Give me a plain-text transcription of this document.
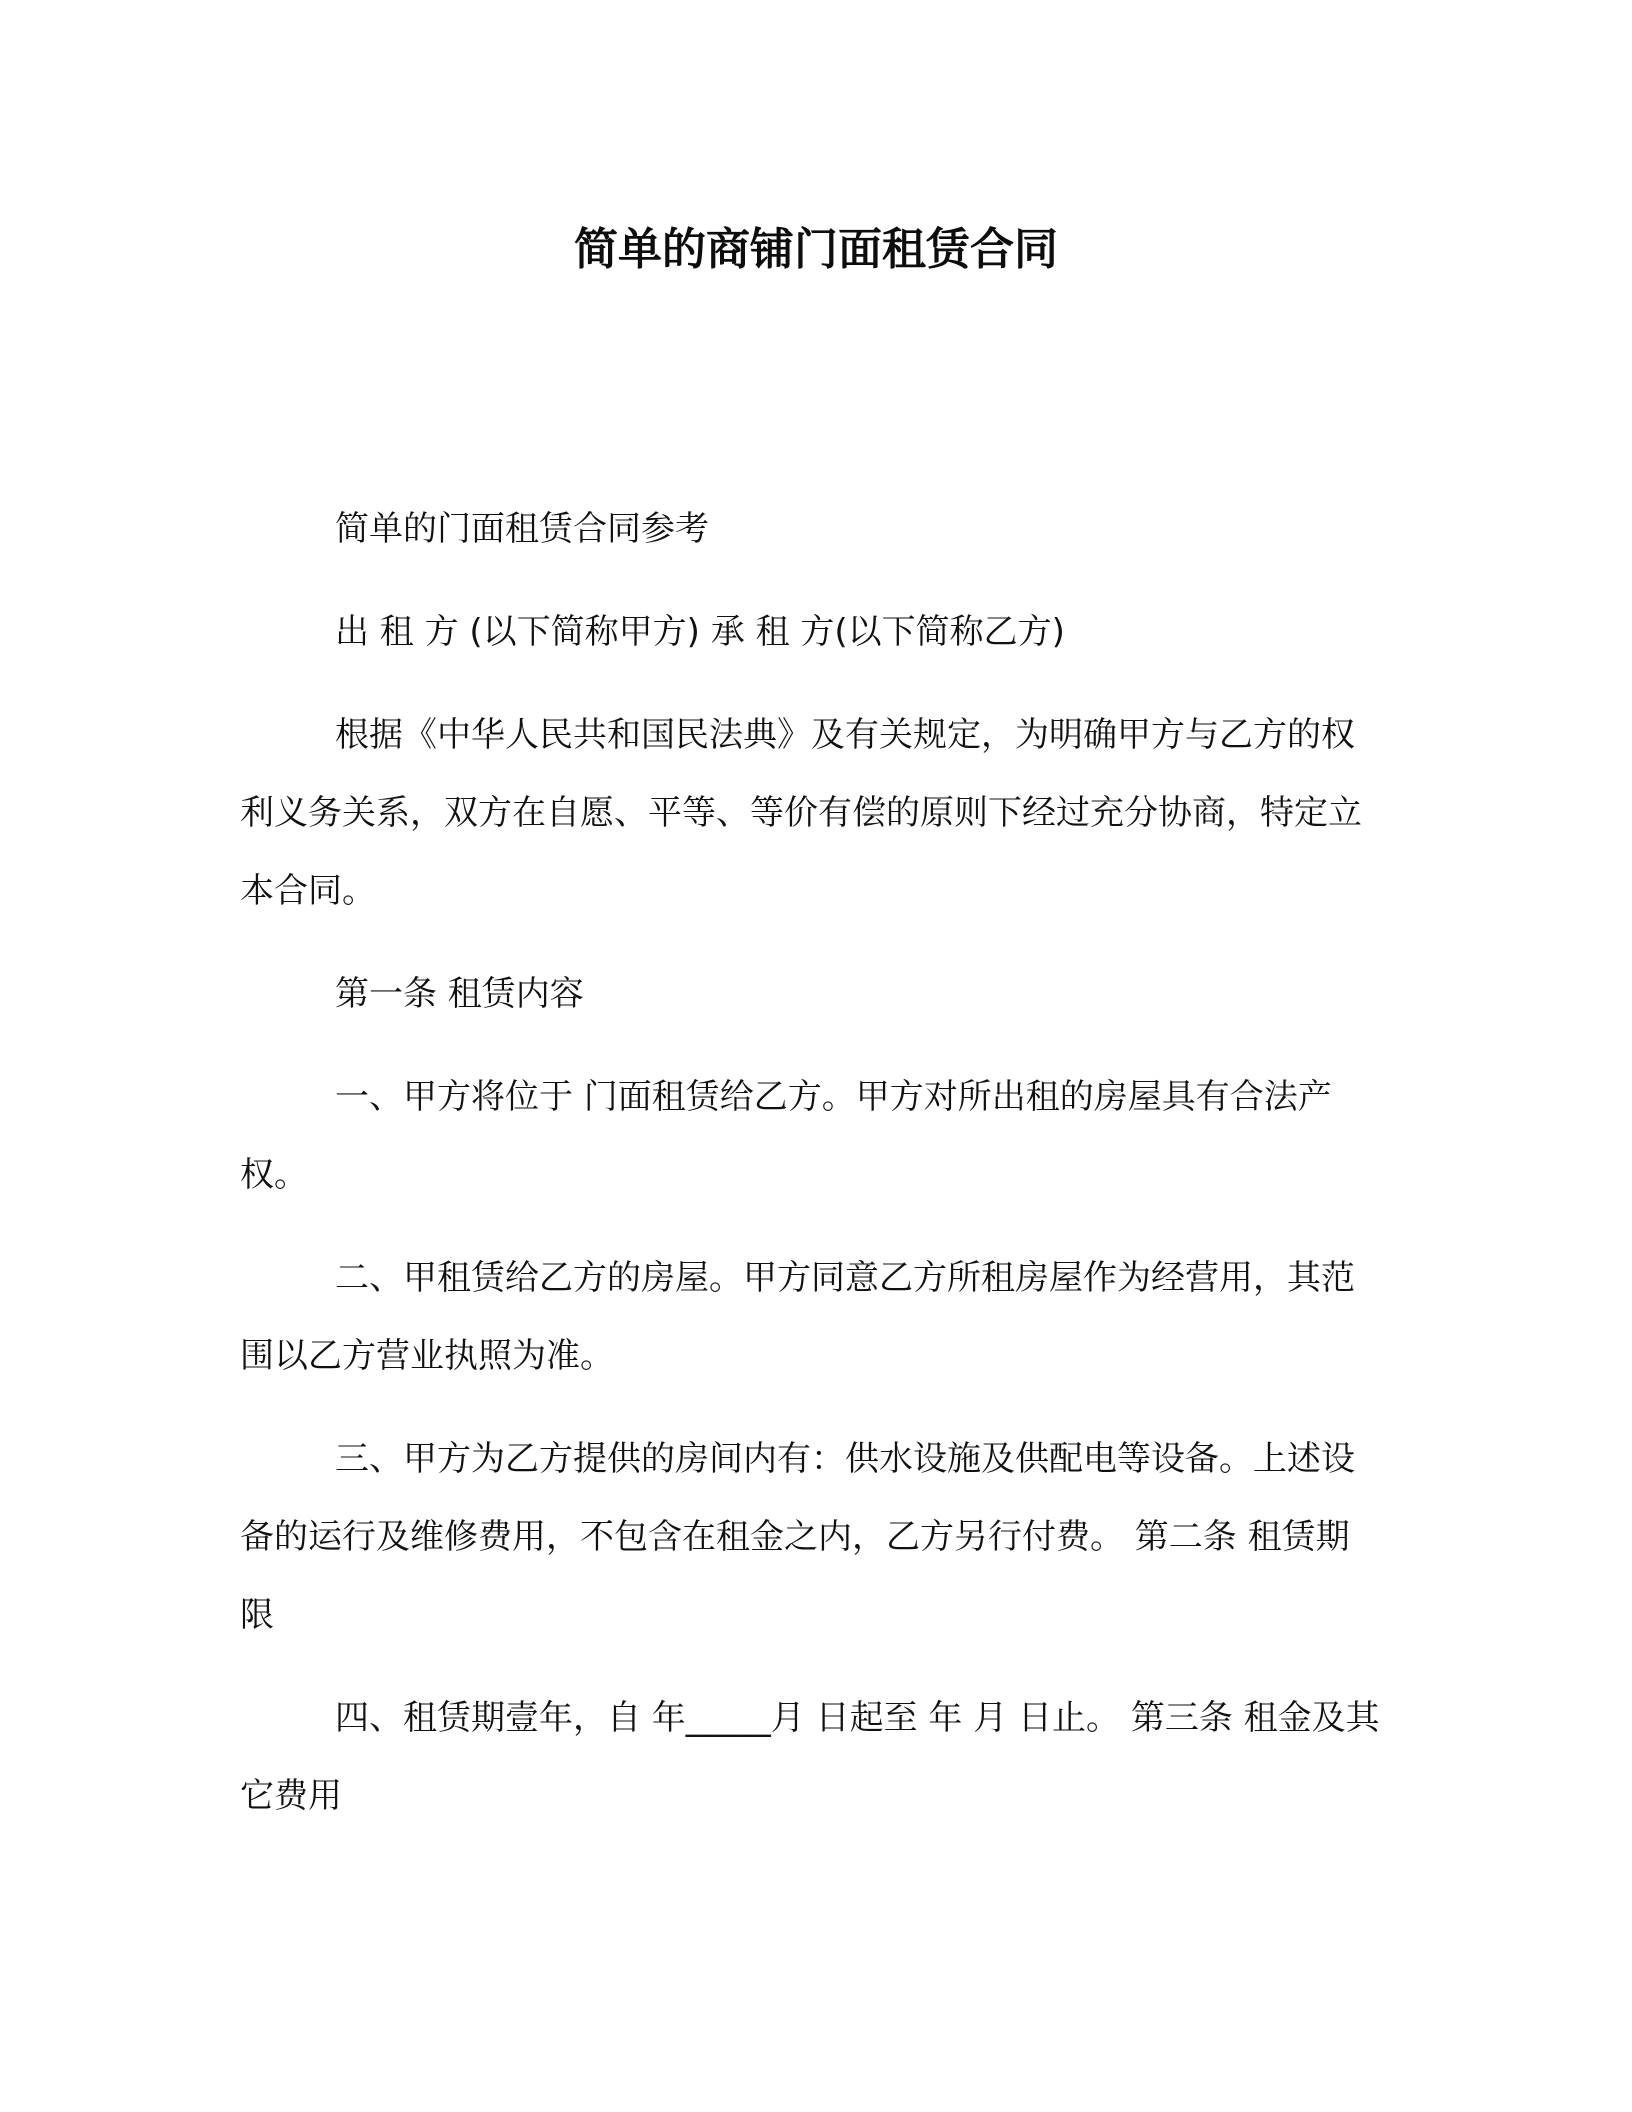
简单的商铺门面租赁合同

简单的门面租赁合同参考

出 租 方 (以下简称甲方) 承 租 方(以下简称乙方)

根据《中华人民共和国民法典》及有关规定，为明确甲方与乙方的权利义务关系，双方在自愿、平等、等价有偿的原则下经过充分协商，特定立本合同。

第一条 租赁内容

一、甲方将位于 门面租赁给乙方。甲方对所出租的房屋具有合法产权。

二、甲租赁给乙方的房屋。甲方同意乙方所租房屋作为经营用，其范围以乙方营业执照为准。

三、甲方为乙方提供的房间内有：供水设施及供配电等设备。上述设备的运行及维修费用，不包含在租金之内，乙方另行付费。 第二条 租赁期限

四、租赁期壹年，自 年_____月 日起至 年 月 日止。 第三条 租金及其它费用
